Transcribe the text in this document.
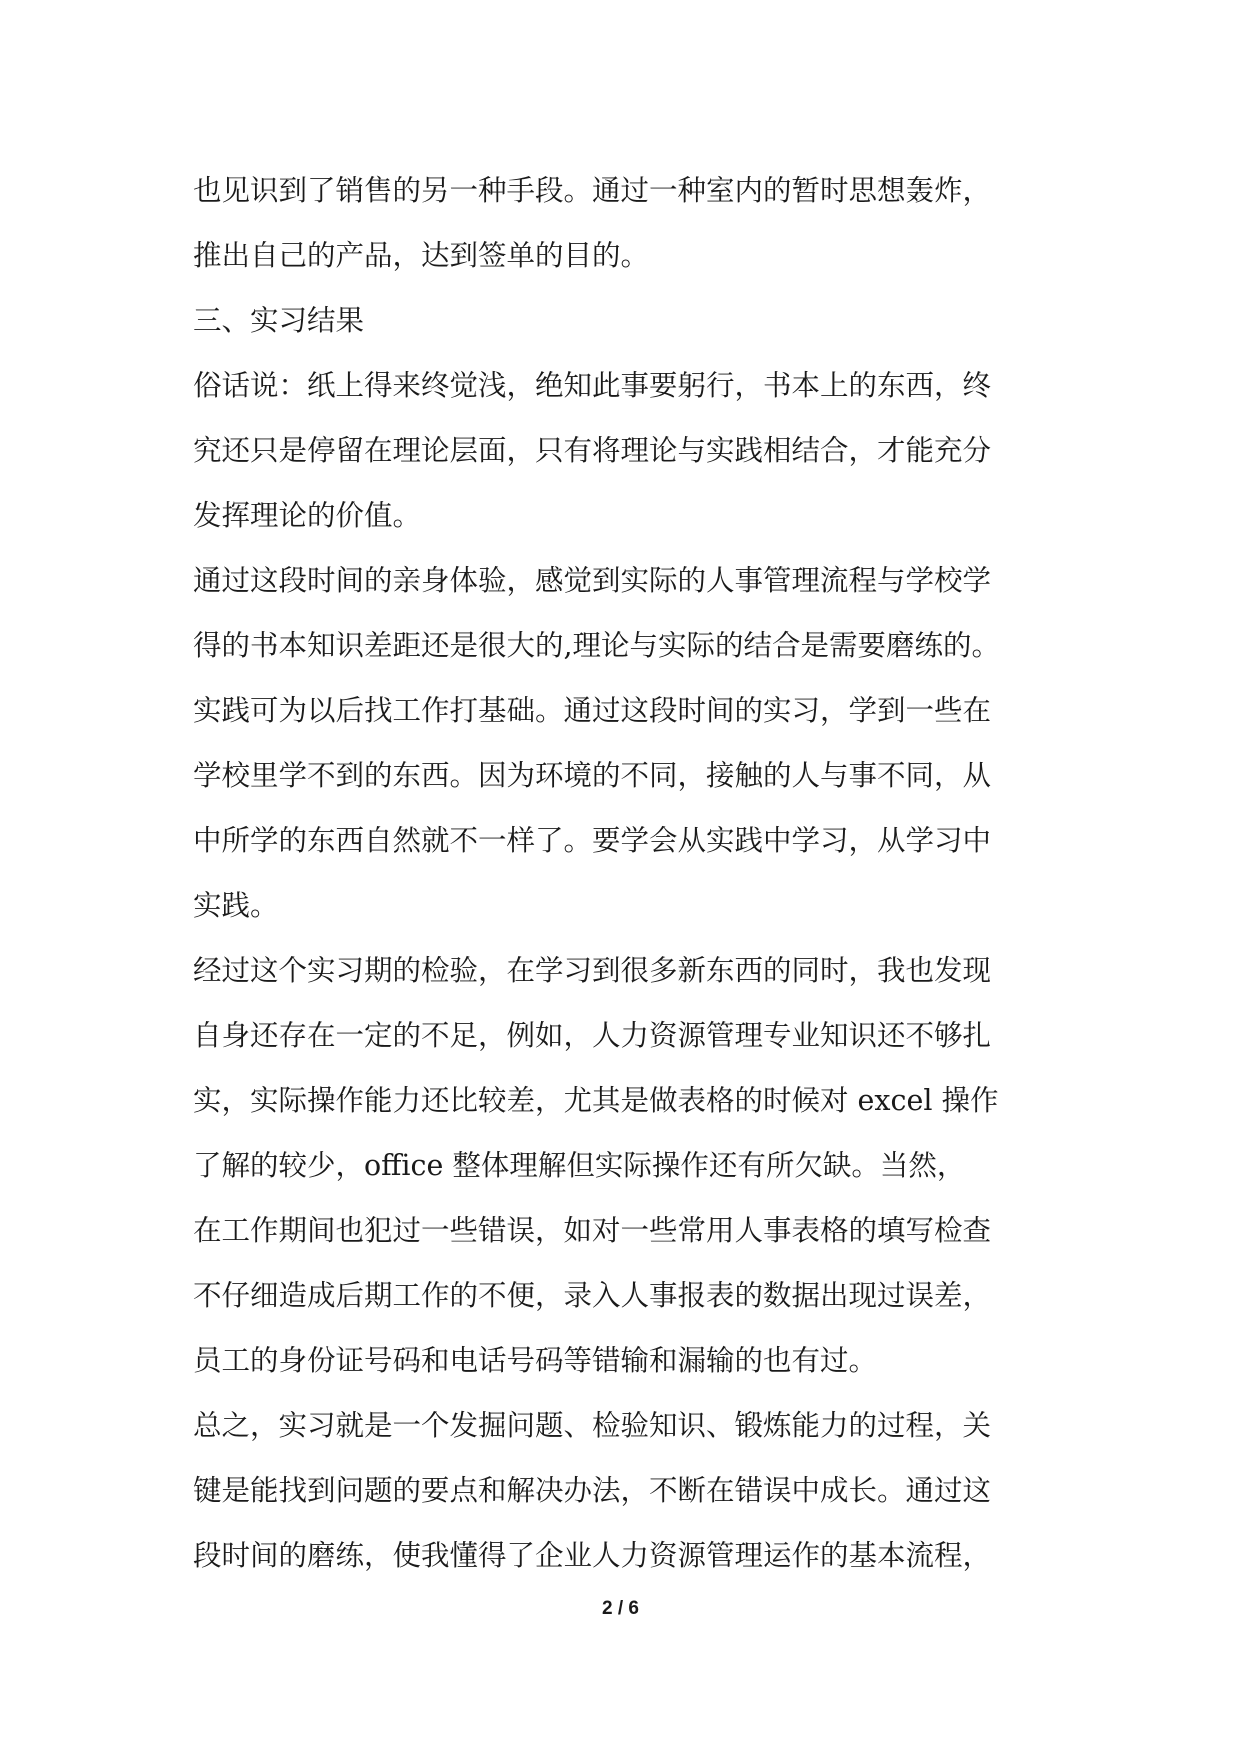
也见识到了销售的另一种手段。通过一种室内的暂时思想轰炸，
推出自己的产品，达到签单的目的。
三、实习结果
俗话说：纸上得来终觉浅，绝知此事要躬行，书本上的东西，终
究还只是停留在理论层面，只有将理论与实践相结合，才能充分
发挥理论的价值。
通过这段时间的亲身体验，感觉到实际的人事管理流程与学校学
得的书本知识差距还是很大的,理论与实际的结合是需要磨练的。
实践可为以后找工作打基础。通过这段时间的实习，学到一些在
学校里学不到的东西。因为环境的不同，接触的人与事不同，从
中所学的东西自然就不一样了。要学会从实践中学习，从学习中
实践。
经过这个实习期的检验，在学习到很多新东西的同时，我也发现
自身还存在一定的不足，例如，人力资源管理专业知识还不够扎
实，实际操作能力还比较差，尤其是做表格的时候对 excel 操作
了解的较少，office 整体理解但实际操作还有所欠缺。当然，
在工作期间也犯过一些错误，如对一些常用人事表格的填写检查
不仔细造成后期工作的不便，录入人事报表的数据出现过误差，
员工的身份证号码和电话号码等错输和漏输的也有过。
总之，实习就是一个发掘问题、检验知识、锻炼能力的过程，关
键是能找到问题的要点和解决办法，不断在错误中成长。通过这
段时间的磨练，使我懂得了企业人力资源管理运作的基本流程，
2 / 6
